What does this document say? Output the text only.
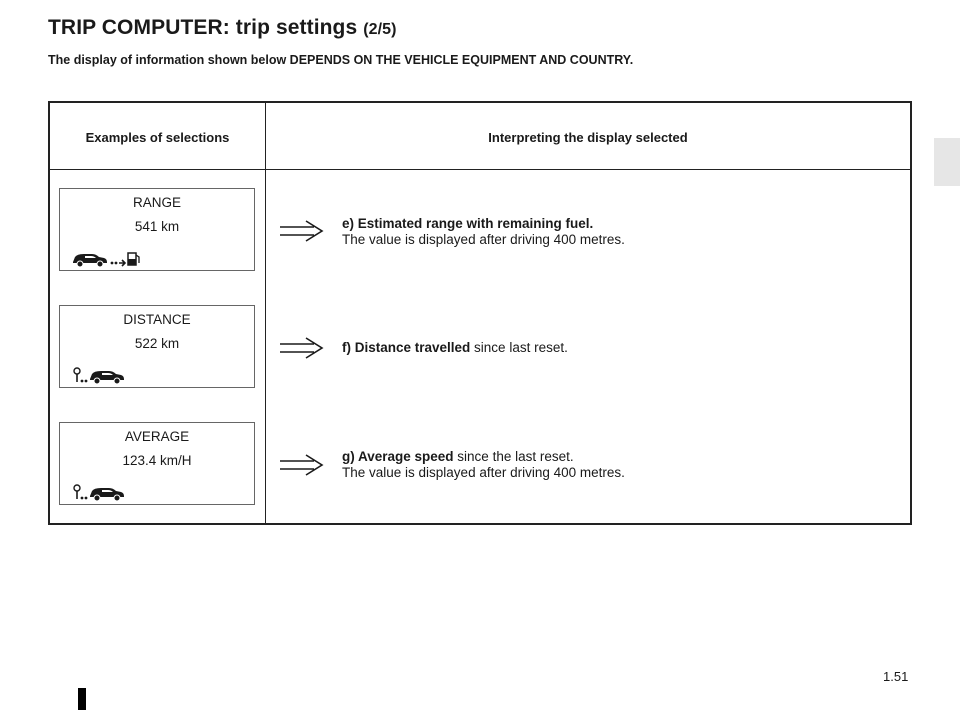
TRIP COMPUTER: trip settings (2/5)
The display of information shown below DEPENDS ON THE VEHICLE EQUIPMENT AND COUNTRY.
Examples of selections	Interpreting the display selected
RANGE
541 km	e) Estimated range with remaining fuel.
The value is displayed after driving 400 metres.
DISTANCE
522 km	f) Distance travelled since last reset.
AVERAGE
123.4 km/H	g) Average speed since the last reset.
The value is displayed after driving 400 metres.
1.51
